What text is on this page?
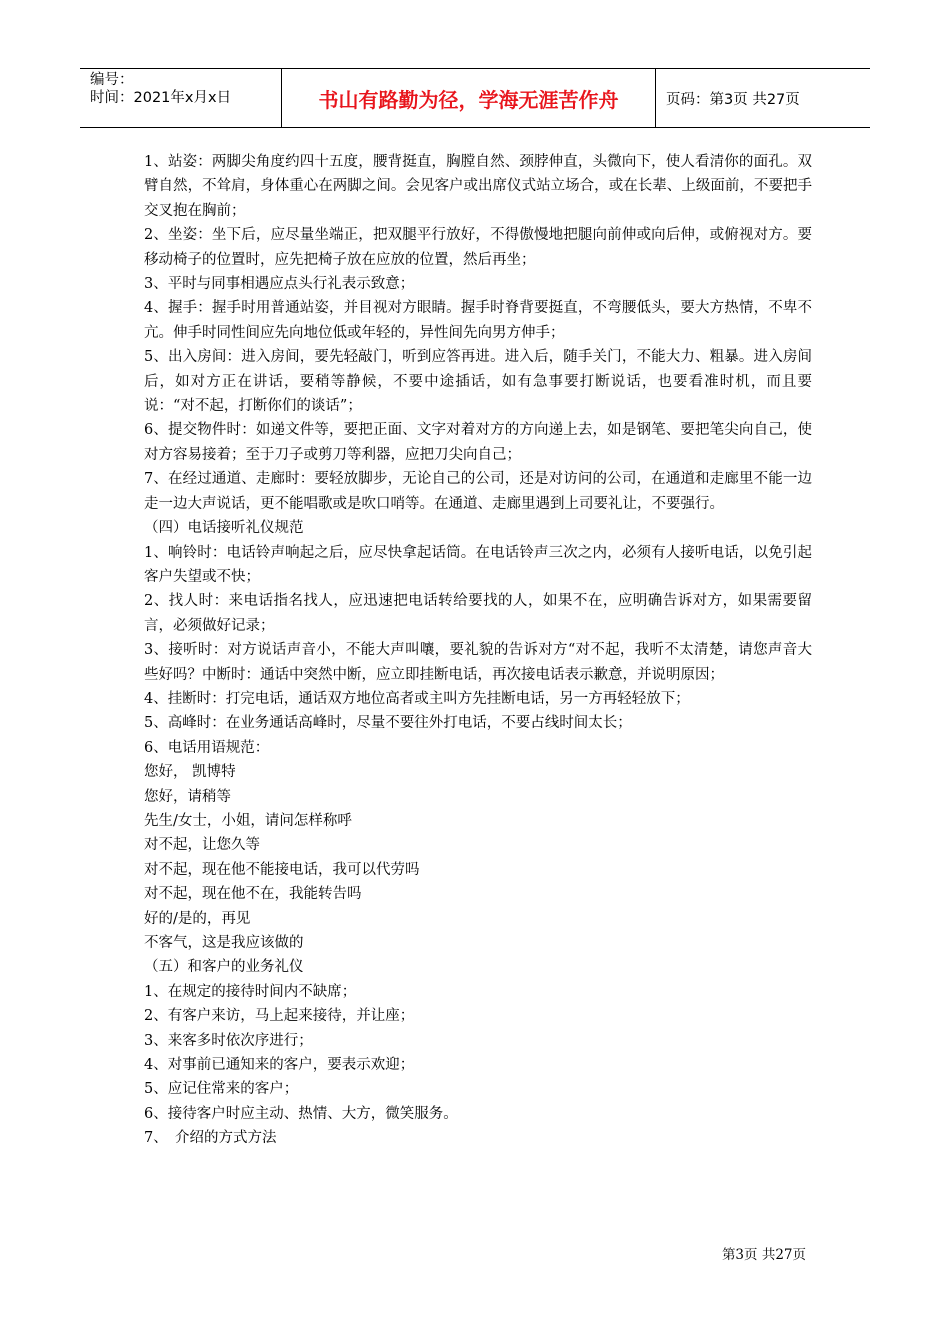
编号：
时间：2021年x月x日	书山有路勤为径，学海无涯苦作舟	页码：第3页 共27页

1、站姿：两脚尖角度约四十五度，腰背挺直，胸膛自然、颈脖伸直，头微向下，使人看清你的面孔。双臂自然，不耸肩，身体重心在两脚之间。会见客户或出席仪式站立场合，或在长辈、上级面前，不要把手交叉抱在胸前；

2、坐姿：坐下后，应尽量坐端正，把双腿平行放好，不得傲慢地把腿向前伸或向后伸，或俯视对方。要移动椅子的位置时，应先把椅子放在应放的位置，然后再坐；

3、平时与同事相遇应点头行礼表示致意；

4、握手：握手时用普通站姿，并目视对方眼睛。握手时脊背要挺直，不弯腰低头，要大方热情，不卑不亢。伸手时同性间应先向地位低或年轻的，异性间先向男方伸手；

5、出入房间：进入房间，要先轻敲门，听到应答再进。进入后，随手关门，不能大力、粗暴。进入房间后，如对方正在讲话，要稍等静候，不要中途插话，如有急事要打断说话，也要看准时机，而且要说：“对不起，打断你们的谈话”；

6、提交物件时：如递文件等，要把正面、文字对着对方的方向递上去，如是钢笔、要把笔尖向自己，使对方容易接着；至于刀子或剪刀等利器，应把刀尖向自己；

7、在经过通道、走廊时：要轻放脚步，无论自己的公司，还是对访问的公司，在通道和走廊里不能一边走一边大声说话，更不能唱歌或是吹口哨等。在通道、走廊里遇到上司要礼让，不要强行。

（四）电话接听礼仪规范

1、响铃时：电话铃声响起之后，应尽快拿起话筒。在电话铃声三次之内，必须有人接听电话，以免引起客户失望或不快；

2、找人时：来电话指名找人，应迅速把电话转给要找的人，如果不在，应明确告诉对方，如果需要留言，必须做好记录；

3、接听时：对方说话声音小，不能大声叫嚷，要礼貌的告诉对方“对不起，我听不太清楚，请您声音大些好吗？中断时：通话中突然中断，应立即挂断电话，再次接电话表示歉意，并说明原因；

4、挂断时：打完电话，通话双方地位高者或主叫方先挂断电话，另一方再轻轻放下；

5、高峰时：在业务通话高峰时，尽量不要往外打电话，不要占线时间太长；

6、电话用语规范：

您好， 凯博特

您好，请稍等

先生/女士，小姐，请问怎样称呼

对不起，让您久等

对不起，现在他不能接电话，我可以代劳吗

对不起，现在他不在，我能转告吗

好的/是的，再见

不客气，这是我应该做的

（五）和客户的业务礼仪

1、在规定的接待时间内不缺席；

2、有客户来访，马上起来接待，并让座；

3、来客多时依次序进行；

4、对事前已通知来的客户，要表示欢迎；

5、应记住常来的客户；

6、接待客户时应主动、热情、大方，微笑服务。

7、　介绍的方式方法

第3页 共27页
